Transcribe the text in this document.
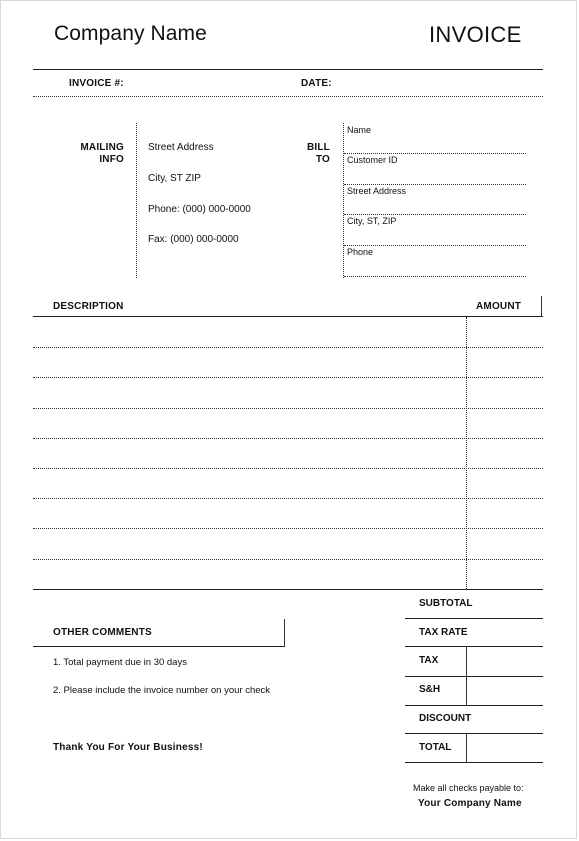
Company Name	INVOICE
INVOICE #:	DATE:
MAILING
INFO
Street Address
City, ST ZIP
Phone: (000) 000-0000
Fax: (000) 000-0000
BILL
TO
Name
Customer ID
Street Address
City, ST, ZIP
Phone
DESCRIPTION	AMOUNT
SUBTOTAL
TAX RATE
TAX
S&H
DISCOUNT
TOTAL
OTHER COMMENTS
1. Total payment due in 30 days
2. Please include the invoice number on your check
Thank You For Your Business!
Make all checks payable to:
Your Company Name
